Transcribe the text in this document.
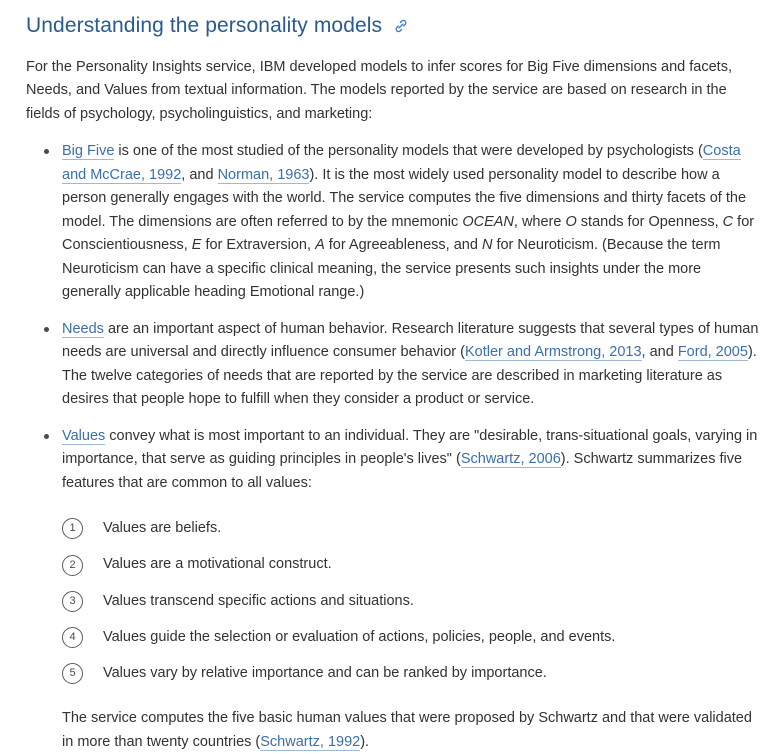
Understanding the personality models

For the Personality Insights service, IBM developed models to infer scores for Big Five dimensions and facets, Needs, and Values from textual information. The models reported by the service are based on research in the fields of psychology, psycholinguistics, and marketing:

Big Five is one of the most studied of the personality models that were developed by psychologists (Costa and McCrae, 1992, and Norman, 1963). It is the most widely used personality model to describe how a person generally engages with the world. The service computes the five dimensions and thirty facets of the model. The dimensions are often referred to by the mnemonic OCEAN, where O stands for Openness, C for Conscientiousness, E for Extraversion, A for Agreeableness, and N for Neuroticism. (Because the term Neuroticism can have a specific clinical meaning, the service presents such insights under the more generally applicable heading Emotional range.)
Needs are an important aspect of human behavior. Research literature suggests that several types of human needs are universal and directly influence consumer behavior (Kotler and Armstrong, 2013, and Ford, 2005). The twelve categories of needs that are reported by the service are described in marketing literature as desires that people hope to fulfill when they consider a product or service.
Values convey what is most important to an individual. They are "desirable, trans-situational goals, varying in importance, that serve as guiding principles in people's lives" (Schwartz, 2006). Schwartz summarizes five features that are common to all values:
1	Values are beliefs.
2	Values are a motivational construct.
3	Values transcend specific actions and situations.
4	Values guide the selection or evaluation of actions, policies, people, and events.
5	Values vary by relative importance and can be ranked by importance.

The service computes the five basic human values that were proposed by Schwartz and that were validated in more than twenty countries (Schwartz, 1992).
